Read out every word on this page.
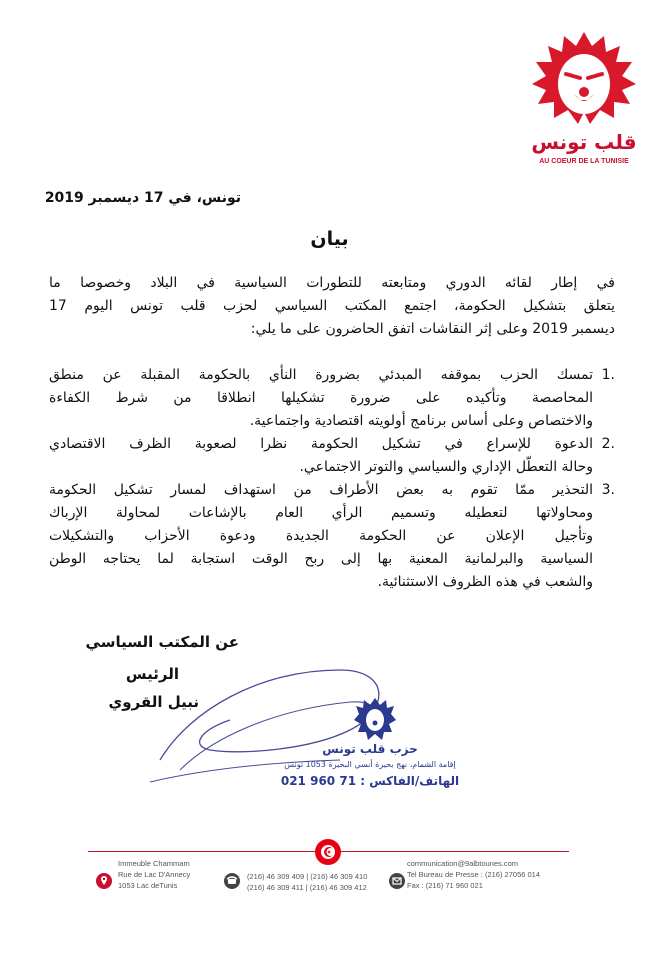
قلب تونس
AU COEUR DE LA TUNISIE
تونس، في 17 ديسمبر 2019
بيان
في إطار لقائه الدوري ومتابعته للتطورات السياسية في البلاد وخصوصا ما
يتعلق بتشكيل الحكومة، اجتمع المكتب السياسي لحزب قلب تونس اليوم 17
ديسمبر 2019 وعلى إثر النقاشات اتفق الحاضرون على ما يلي:
1.
تمسك الحزب بموقفه المبدئي بضرورة النأي بالحكومة المقبلة عن منطق
المحاصصة وتأكيده على ضرورة تشكيلها انطلاقا من شرط الكفاءة
والاختصاص وعلى أساس برنامج أولويته اقتصادية واجتماعية.
2.
الدعوة للإسراع في تشكيل الحكومة نظرا لصعوبة الظرف الاقتصادي
وحالة التعطّل الإداري والسياسي والتوتر الاجتماعي.
3.
التحذير ممّا تقوم به بعض الأطراف من استهداف لمسار تشكيل الحكومة
ومحاولاتها لتعطيله وتسميم الرأي العام بالإشاعات لمحاولة الإرباك
وتأجيل الإعلان عن الحكومة الجديدة ودعوة الأحزاب والتشكيلات
السياسية والبرلمانية المعنية بها إلى ربح الوقت استجابة لما يحتاجه الوطن
والشعب في هذه الظروف الاستثنائية.
عن المكتب السياسي
الرئيس
نبيل القروي
حزب قلب تونس
إقامة الشمام، نهج بحيرة أنسي البحيرة 1053 تونس
الهاتف/الفاكس : 71 960 021
Immeuble Chammam
Rue de Lac D'Annecy
1053 Lac deTunis
(216) 46 309 409 | (216) 46 309 410
(216) 46 309 411 | (216) 46 309 412
communication@9albtounes.com
Tel Bureau de Presse : (216) 27056 014
Fax : (216) 71 960 021
